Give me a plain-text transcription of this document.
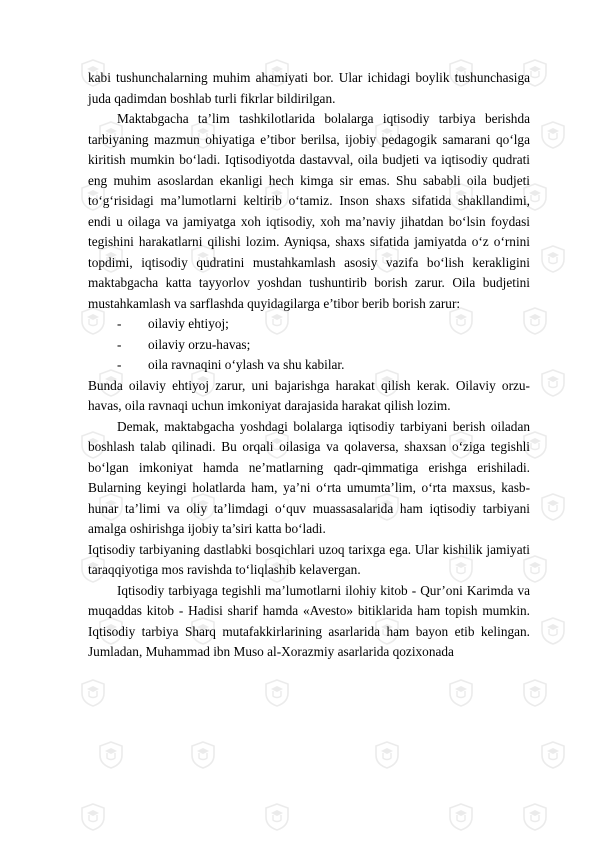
kabi tushunchalarning muhim ahamiyati bor. Ular ichidagi boylik tushunchasiga juda qadimdan boshlab turli fikrlar bildirilgan.

Maktabgacha ta’lim tashkilotlarida bolalarga iqtisodiy tarbiya berishda tarbiyaning mazmun ohiyatiga e’tibor berilsa, ijobiy pedagogik samarani qo‘lga kiritish mumkin bo‘ladi. Iqtisodiyotda dastavval, oila budjeti va iqtisodiy qudrati eng muhim asoslardan ekanligi hech kimga sir emas. Shu sababli oila budjeti to‘g‘risidagi ma’lumotlarni keltirib o‘tamiz. Inson shaxs sifatida shakllandimi, endi u oilaga va jamiyatga xoh iqtisodiy, xoh ma’naviy jihatdan bo‘lsin foydasi tegishini harakatlarni qilishi lozim. Ayniqsa, shaxs sifatida jamiyatda o‘z o‘rnini topdimi, iqtisodiy qudratini mustahkamlash asosiy vazifa bo‘lish kerakligini maktabgacha katta tayyorlov yoshdan tushuntirib borish zarur. Oila budjetini mustahkamlash va sarflashda quyidagilarga e’tibor berib borish zarur:

- oilaviy ehtiyoj;
- oilaviy orzu-havas;
- oila ravnaqini o‘ylash va shu kabilar.

Bunda oilaviy ehtiyoj zarur, uni bajarishga harakat qilish kerak. Oilaviy orzu-havas, oila ravnaqi uchun imkoniyat darajasida harakat qilish lozim.

Demak, maktabgacha yoshdagi bolalarga iqtisodiy tarbiyani berish oiladan boshlash talab qilinadi. Bu orqali oilasiga va qolaversa, shaxsan o‘ziga tegishli bo‘lgan imkoniyat hamda ne’matlarning qadr-qimmatiga erishga erishiladi. Bularning keyingi holatlarda ham, ya’ni o‘rta umumta’lim, o‘rta maxsus, kasb-hunar ta’limi va oliy ta’limdagi o‘quv muassasalarida ham iqtisodiy tarbiyani amalga oshirishga ijobiy ta’siri katta bo‘ladi.

Iqtisodiy tarbiyaning dastlabki bosqichlari uzoq tarixga ega. Ular kishilik jamiyati taraqqiyotiga mos ravishda to‘liqlashib kelavergan.

Iqtisodiy tarbiyaga tegishli ma’lumotlarni ilohiy kitob - Qur’oni Karimda va muqaddas kitob - Hadisi sharif hamda «Avesto» bitiklarida ham topish mumkin. Iqtisodiy tarbiya Sharq mutafakkirlarining asarlarida ham bayon etib kelingan. Jumladan, Muhammad ibn Muso al-Xorazmiy asarlarida qozixonada
